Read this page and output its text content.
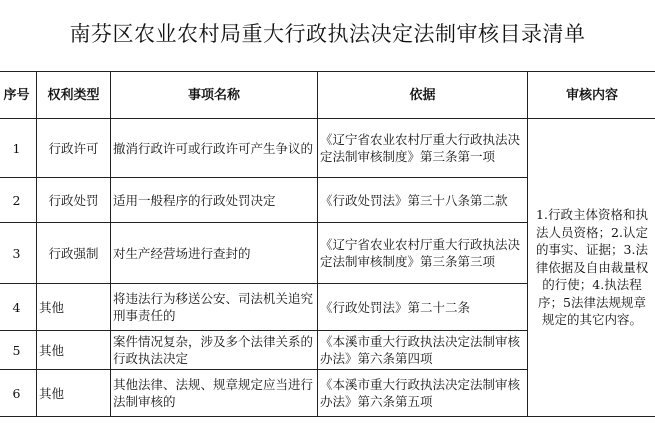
南芬区农业农村局重大行政执法决定法制审核目录清单
序号	权利类型	事项名称	依据	审核内容
1	行政许可	撤消行政许可或行政许可产生争议的	《辽宁省农业农村厅重大行政执法决定法制审核制度》第三条第一项	1.行政主体资格和执法人员资格；2.认定的事实、证据；3.法律依据及自由裁量权的行使；4.执法程序；5法律法规规章规定的其它内容。
2	行政处罚	适用一般程序的行政处罚决定	《行政处罚法》第三十八条第二款	
3	行政强制	对生产经营场进行查封的	《辽宁省农业农村厅重大行政执法决定法制审核制度》第三条第三项	
4	其他	将违法行为移送公安、司法机关追究刑事责任的	《行政处罚法》第二十二条	
5	其他	案件情况复杂，涉及多个法律关系的行政执法决定	《本溪市重大行政执法决定法制审核办法》第六条第四项	
6	其他	其他法律、法规、规章规定应当进行法制审核的	《本溪市重大行政执法决定法制审核办法》第六条第五项	
